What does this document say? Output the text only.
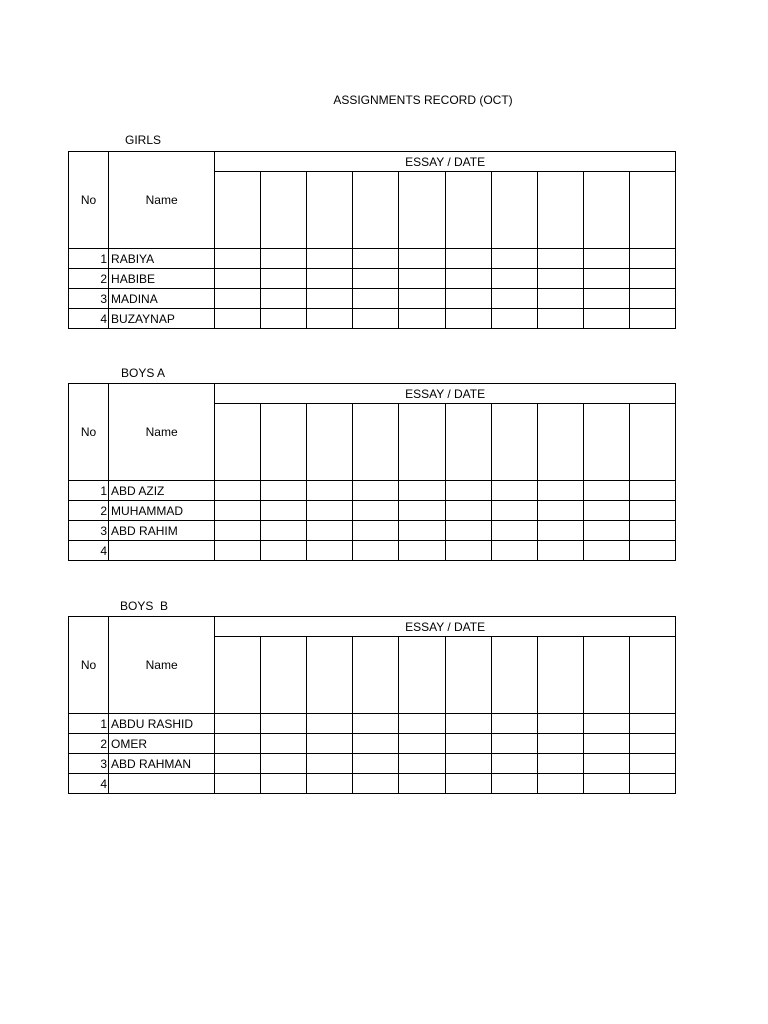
ASSIGNMENTS RECORD (OCT)
GIRLS
No	Name	ESSAY / DATE									

1	RABIYA										
2	HABIBE										
3	MADINA										
4	BUZAYNAP										
BOYS A
No	Name	ESSAY / DATE									

1	ABD AZIZ										
2	MUHAMMAD										
3	ABD RAHIM										
4											
BOYS  B
No	Name	ESSAY / DATE									

1	ABDU RASHID										
2	OMER										
3	ABD RAHMAN										
4											
